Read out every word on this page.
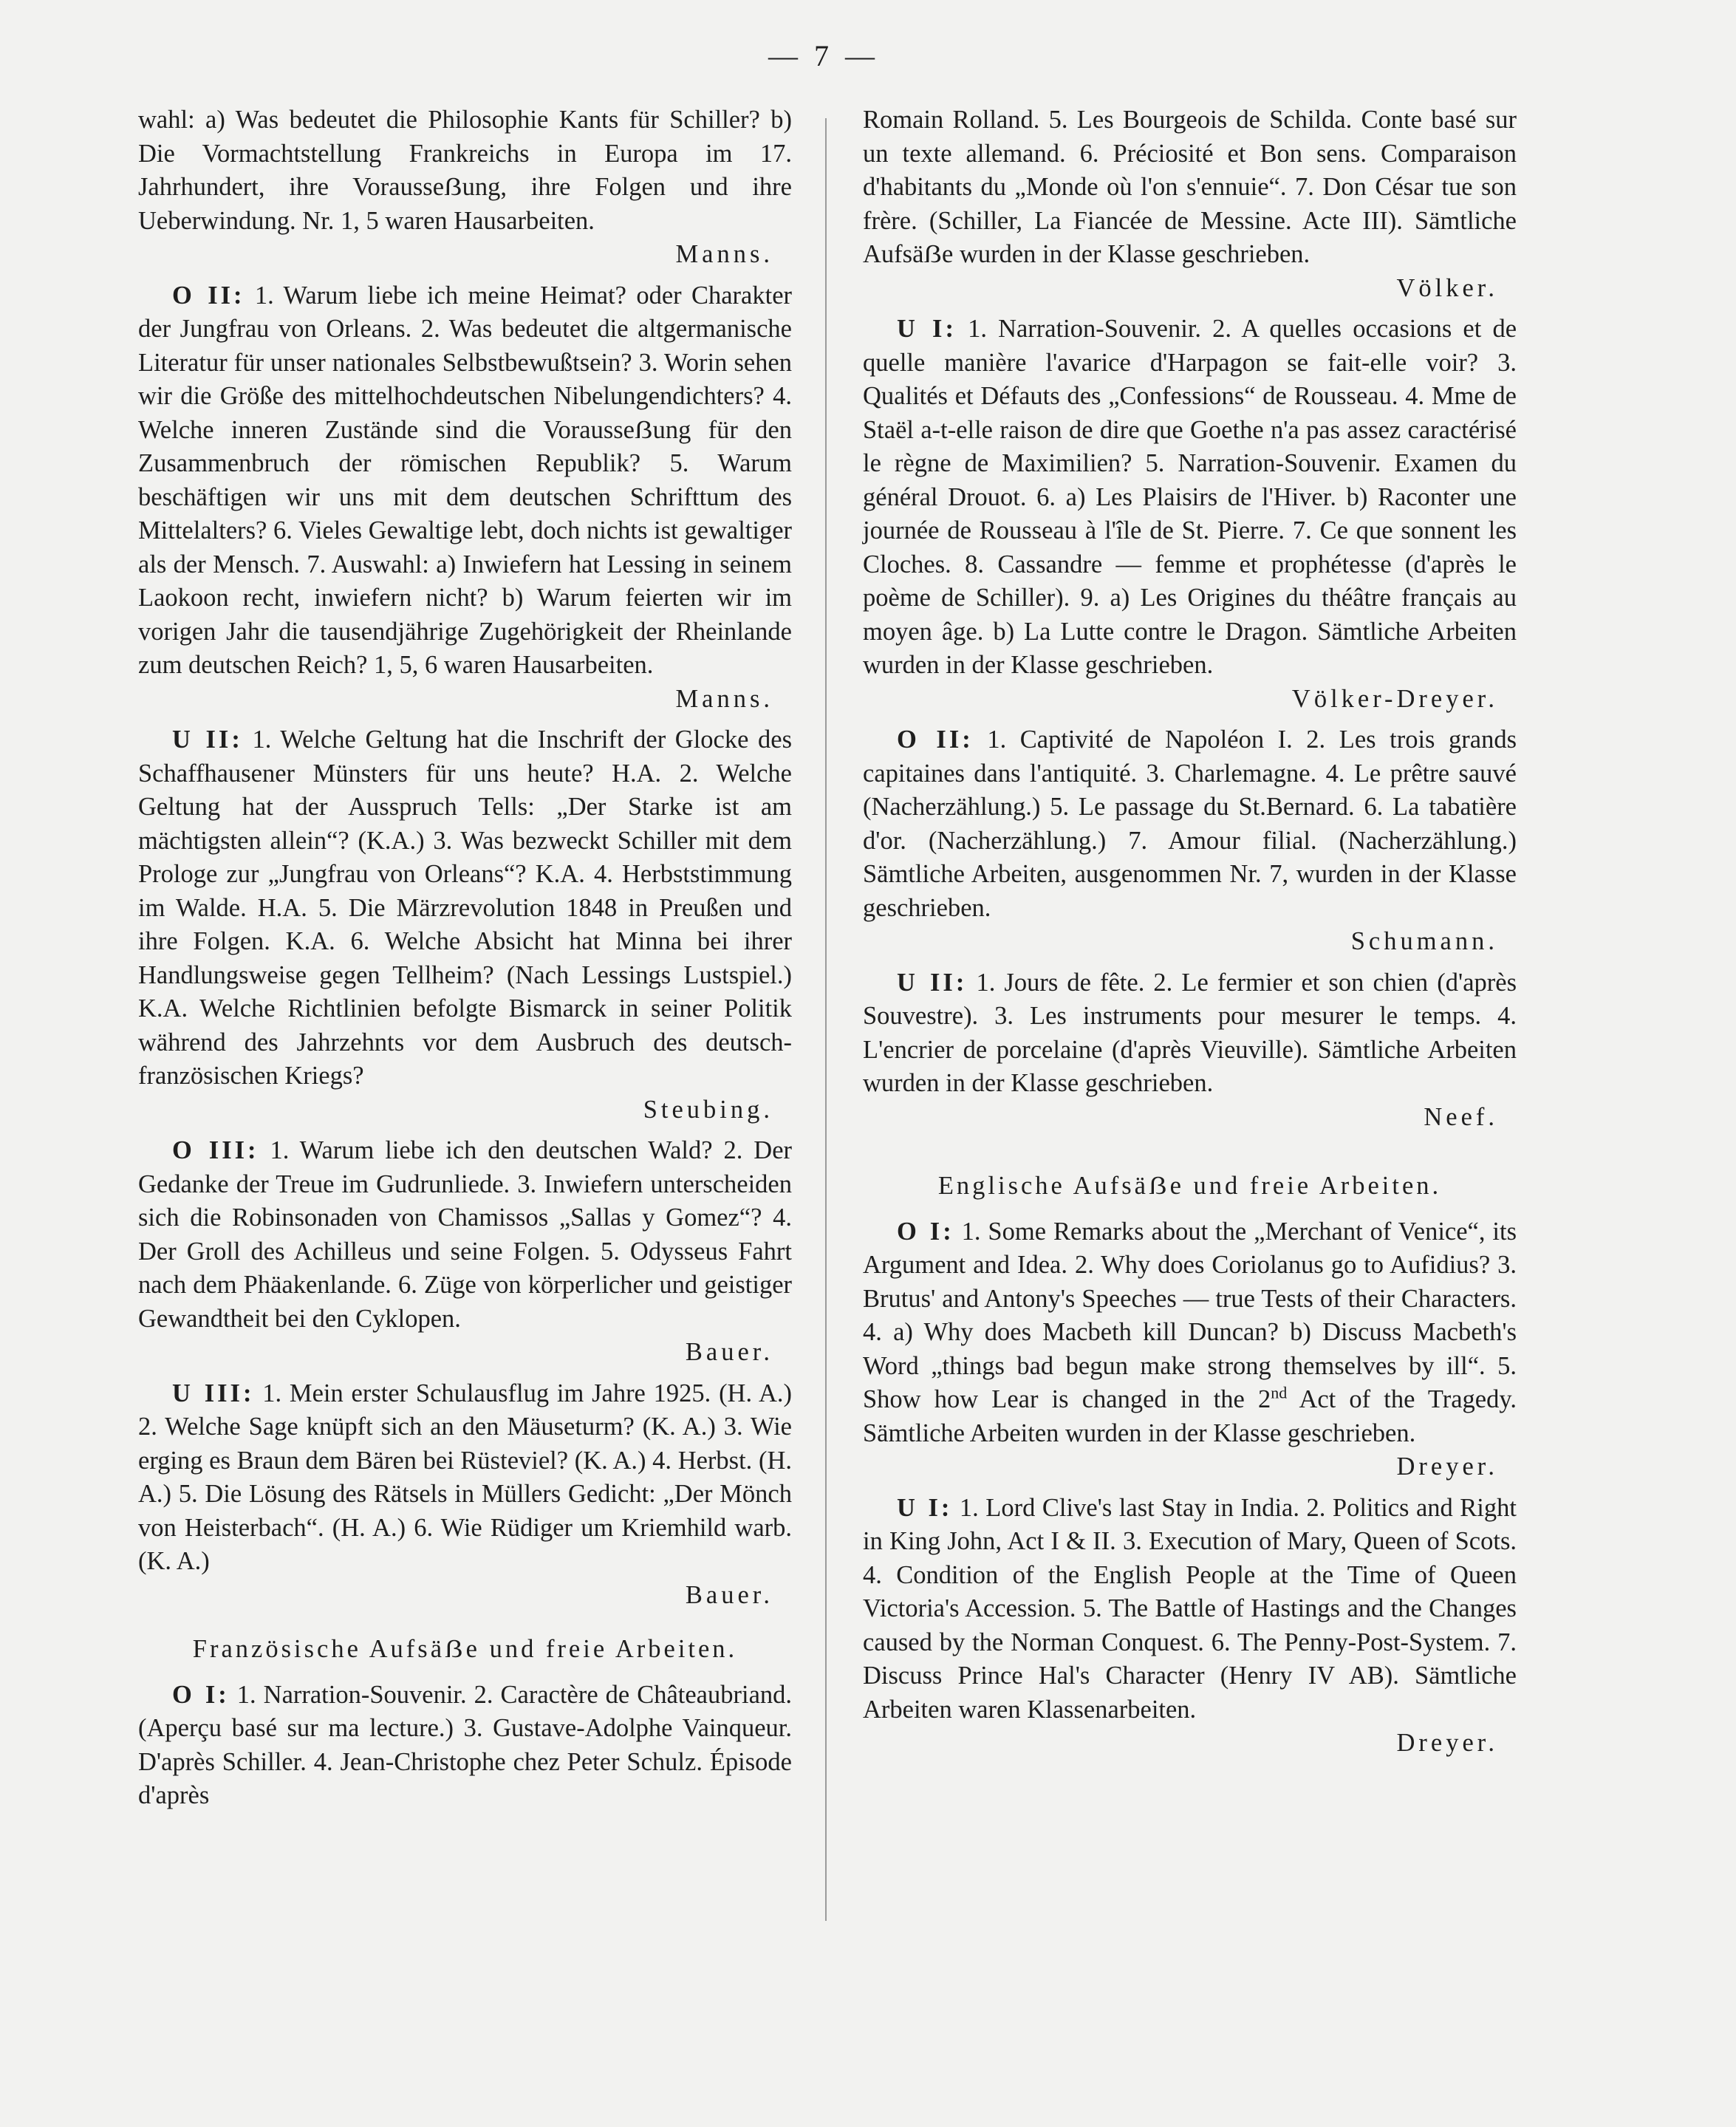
— 7 —

wahl: a) Was bedeutet die Philosophie Kants für Schiller? b) Die Vormachtstellung Frankreichs in Europa im 17. Jahrhundert, ihre Vorausseẞung, ihre Folgen und ihre Ueberwindung. Nr. 1, 5 waren Hausarbeiten.
Manns.

O II: 1. Warum liebe ich meine Heimat? oder Charakter der Jungfrau von Orleans. 2. Was bedeutet die altgermanische Literatur für unser nationales Selbstbewußtsein? 3. Worin sehen wir die Größe des mittelhochdeutschen Nibelungendichters? 4. Welche inneren Zustände sind die Vorausseẞung für den Zusammenbruch der römischen Republik? 5. Warum beschäftigen wir uns mit dem deutschen Schrifttum des Mittelalters? 6. Vieles Gewaltige lebt, doch nichts ist gewaltiger als der Mensch. 7. Auswahl: a) Inwiefern hat Lessing in seinem Laokoon recht, inwiefern nicht? b) Warum feierten wir im vorigen Jahr die tausendjährige Zugehörigkeit der Rheinlande zum deutschen Reich? 1, 5, 6 waren Hausarbeiten.
Manns.

U II: 1. Welche Geltung hat die Inschrift der Glocke des Schaffhausener Münsters für uns heute? H.A. 2. Welche Geltung hat der Ausspruch Tells: „Der Starke ist am mächtigsten allein“? (K.A.) 3. Was bezweckt Schiller mit dem Prologe zur „Jungfrau von Orleans“? K.A. 4. Herbststimmung im Walde. H.A. 5. Die Märzrevolution 1848 in Preußen und ihre Folgen. K.A. 6. Welche Absicht hat Minna bei ihrer Handlungsweise gegen Tellheim? (Nach Lessings Lustspiel.) K.A. Welche Richtlinien befolgte Bismarck in seiner Politik während des Jahrzehnts vor dem Ausbruch des deutsch-französischen Kriegs?
Steubing.

O III: 1. Warum liebe ich den deutschen Wald? 2. Der Gedanke der Treue im Gudrunliede. 3. Inwiefern unterscheiden sich die Robinsonaden von Chamissos „Sallas y Gomez“? 4. Der Groll des Achilleus und seine Folgen. 5. Odysseus Fahrt nach dem Phäakenlande. 6. Züge von körperlicher und geistiger Gewandtheit bei den Cyklopen.
Bauer.

U III: 1. Mein erster Schulausflug im Jahre 1925. (H. A.) 2. Welche Sage knüpft sich an den Mäuseturm? (K. A.) 3. Wie erging es Braun dem Bären bei Rüsteviel? (K. A.) 4. Herbst. (H. A.) 5. Die Lösung des Rätsels in Müllers Gedicht: „Der Mönch von Heisterbach“. (H. A.) 6. Wie Rüdiger um Kriemhild warb. (K. A.)
Bauer.

Französische Aufsäẞe und freie Arbeiten.

O I: 1. Narration-Souvenir. 2. Caractère de Châteaubriand. (Aperçu basé sur ma lecture.) 3. Gustave-Adolphe Vainqueur. D'après Schiller. 4. Jean-Christophe chez Peter Schulz. Épisode d'après

Romain Rolland. 5. Les Bourgeois de Schilda. Conte basé sur un texte allemand. 6. Préciosité et Bon sens. Comparaison d'habitants du „Monde où l'on s'ennuie“. 7. Don César tue son frère. (Schiller, La Fiancée de Messine. Acte III). Sämtliche Aufsäẞe wurden in der Klasse geschrieben.
Völker.

U I: 1. Narration-Souvenir. 2. A quelles occasions et de quelle manière l'avarice d'Harpagon se fait-elle voir? 3. Qualités et Défauts des „Confessions“ de Rousseau. 4. Mme de Staël a-t-elle raison de dire que Goethe n'a pas assez caractérisé le règne de Maximilien? 5. Narration-Souvenir. Examen du général Drouot. 6. a) Les Plaisirs de l'Hiver. b) Raconter une journée de Rousseau à l'île de St. Pierre. 7. Ce que sonnent les Cloches. 8. Cassandre — femme et prophétesse (d'après le poème de Schiller). 9. a) Les Origines du théâtre français au moyen âge. b) La Lutte contre le Dragon. Sämtliche Arbeiten wurden in der Klasse geschrieben.
Völker-Dreyer.

O II: 1. Captivité de Napoléon I. 2. Les trois grands capitaines dans l'antiquité. 3. Charlemagne. 4. Le prêtre sauvé (Nacherzählung.) 5. Le passage du St.Bernard. 6. La tabatière d'or. (Nacherzählung.) 7. Amour filial. (Nacherzählung.) Sämtliche Arbeiten, ausgenommen Nr. 7, wurden in der Klasse geschrieben.
Schumann.

U II: 1. Jours de fête. 2. Le fermier et son chien (d'après Souvestre). 3. Les instruments pour mesurer le temps. 4. L'encrier de porcelaine (d'après Vieuville). Sämtliche Arbeiten wurden in der Klasse geschrieben.
Neef.

Englische Aufsäẞe und freie Arbeiten.

O I: 1. Some Remarks about the „Merchant of Venice“, its Argument and Idea. 2. Why does Coriolanus go to Aufidius? 3. Brutus' and Antony's Speeches — true Tests of their Characters. 4. a) Why does Macbeth kill Duncan? b) Discuss Macbeth's Word „things bad begun make strong themselves by ill“. 5. Show how Lear is changed in the 2nd Act of the Tragedy. Sämtliche Arbeiten wurden in der Klasse geschrieben.
Dreyer.

U I: 1. Lord Clive's last Stay in India. 2. Politics and Right in King John, Act I & II. 3. Execution of Mary, Queen of Scots. 4. Condition of the English People at the Time of Queen Victoria's Accession. 5. The Battle of Hastings and the Changes caused by the Norman Conquest. 6. The Penny-Post-System. 7. Discuss Prince Hal's Character (Henry IV AB). Sämtliche Arbeiten waren Klassenarbeiten.
Dreyer.
